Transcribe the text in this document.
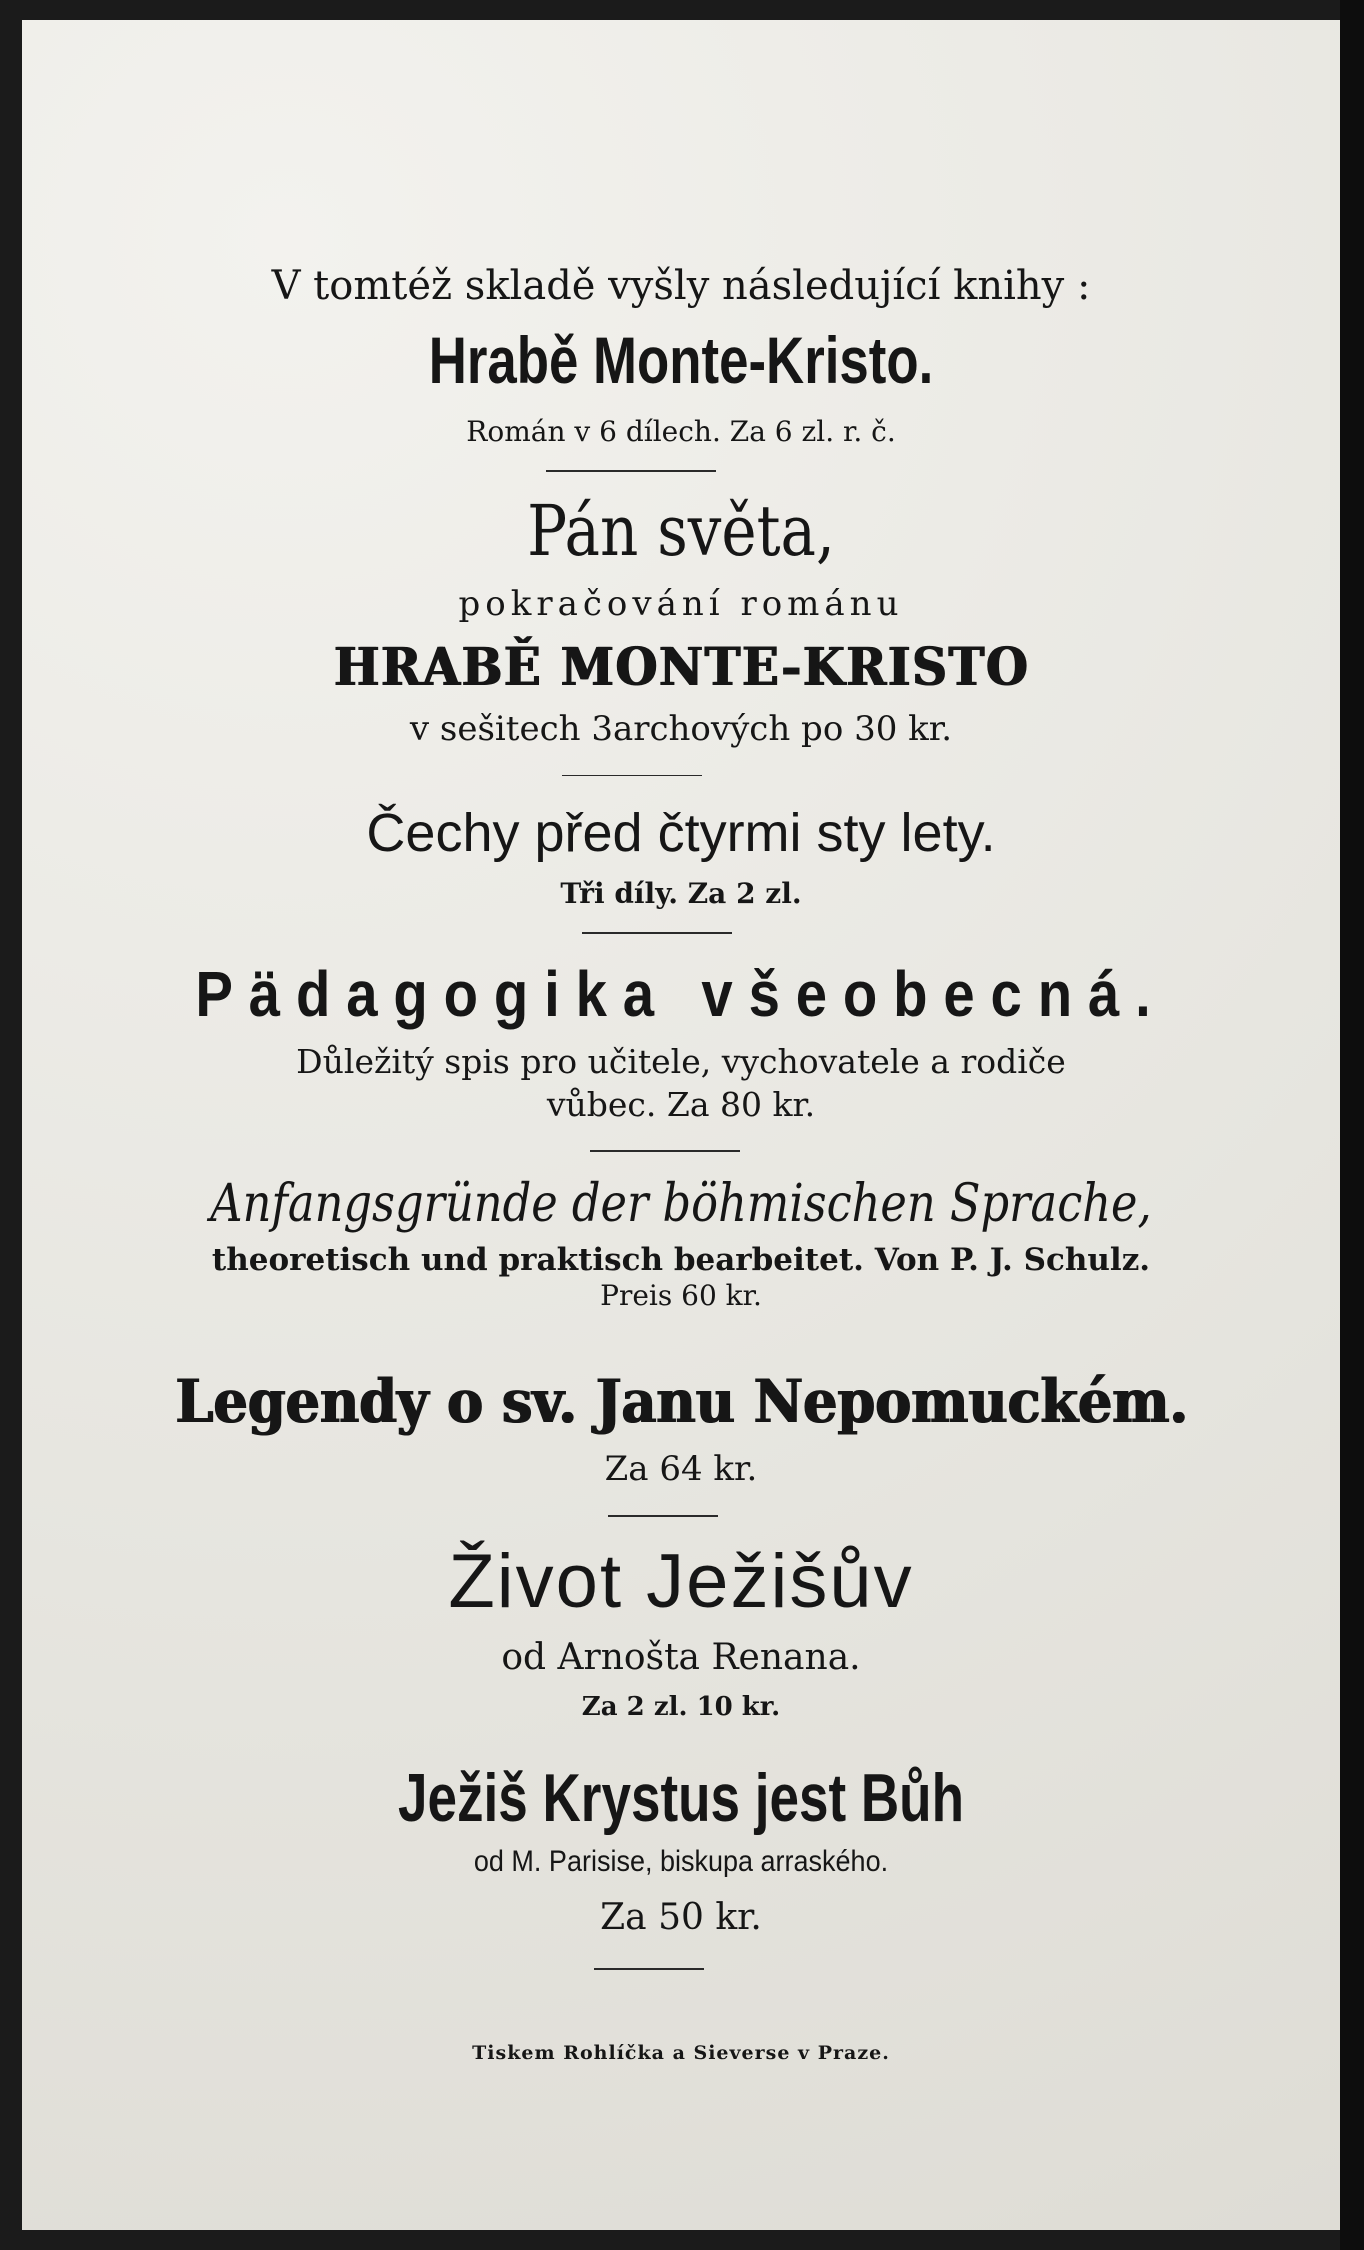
V tomtéž skladě vyšly následující knihy :
Hrabě Monte-Kristo.
Román v 6 dílech. Za 6 zl. r. č.
Pán světa,
pokračování románu
HRABĚ MONTE-KRISTO
v sešitech 3archových po 30 kr.
Čechy před čtyrmi sty lety.
Tři díly. Za 2 zl.
Pädagogika všeobecná.
Důležitý spis pro učitele, vychovatele a rodiče
vůbec. Za 80 kr.
Anfangsgründe der böhmischen Sprache,
theoretisch und praktisch bearbeitet. Von P. J. Schulz.
Preis 60 kr.
Legendy o sv. Janu Nepomuckém.
Za 64 kr.
Život Ježišův
od Arnošta Renana.
Za 2 zl. 10 kr.
Ježiš Krystus jest Bůh
od M. Parisise, biskupa arraského.
Za 50 kr.
Tiskem Rohlíčka a Sieverse v Praze.
